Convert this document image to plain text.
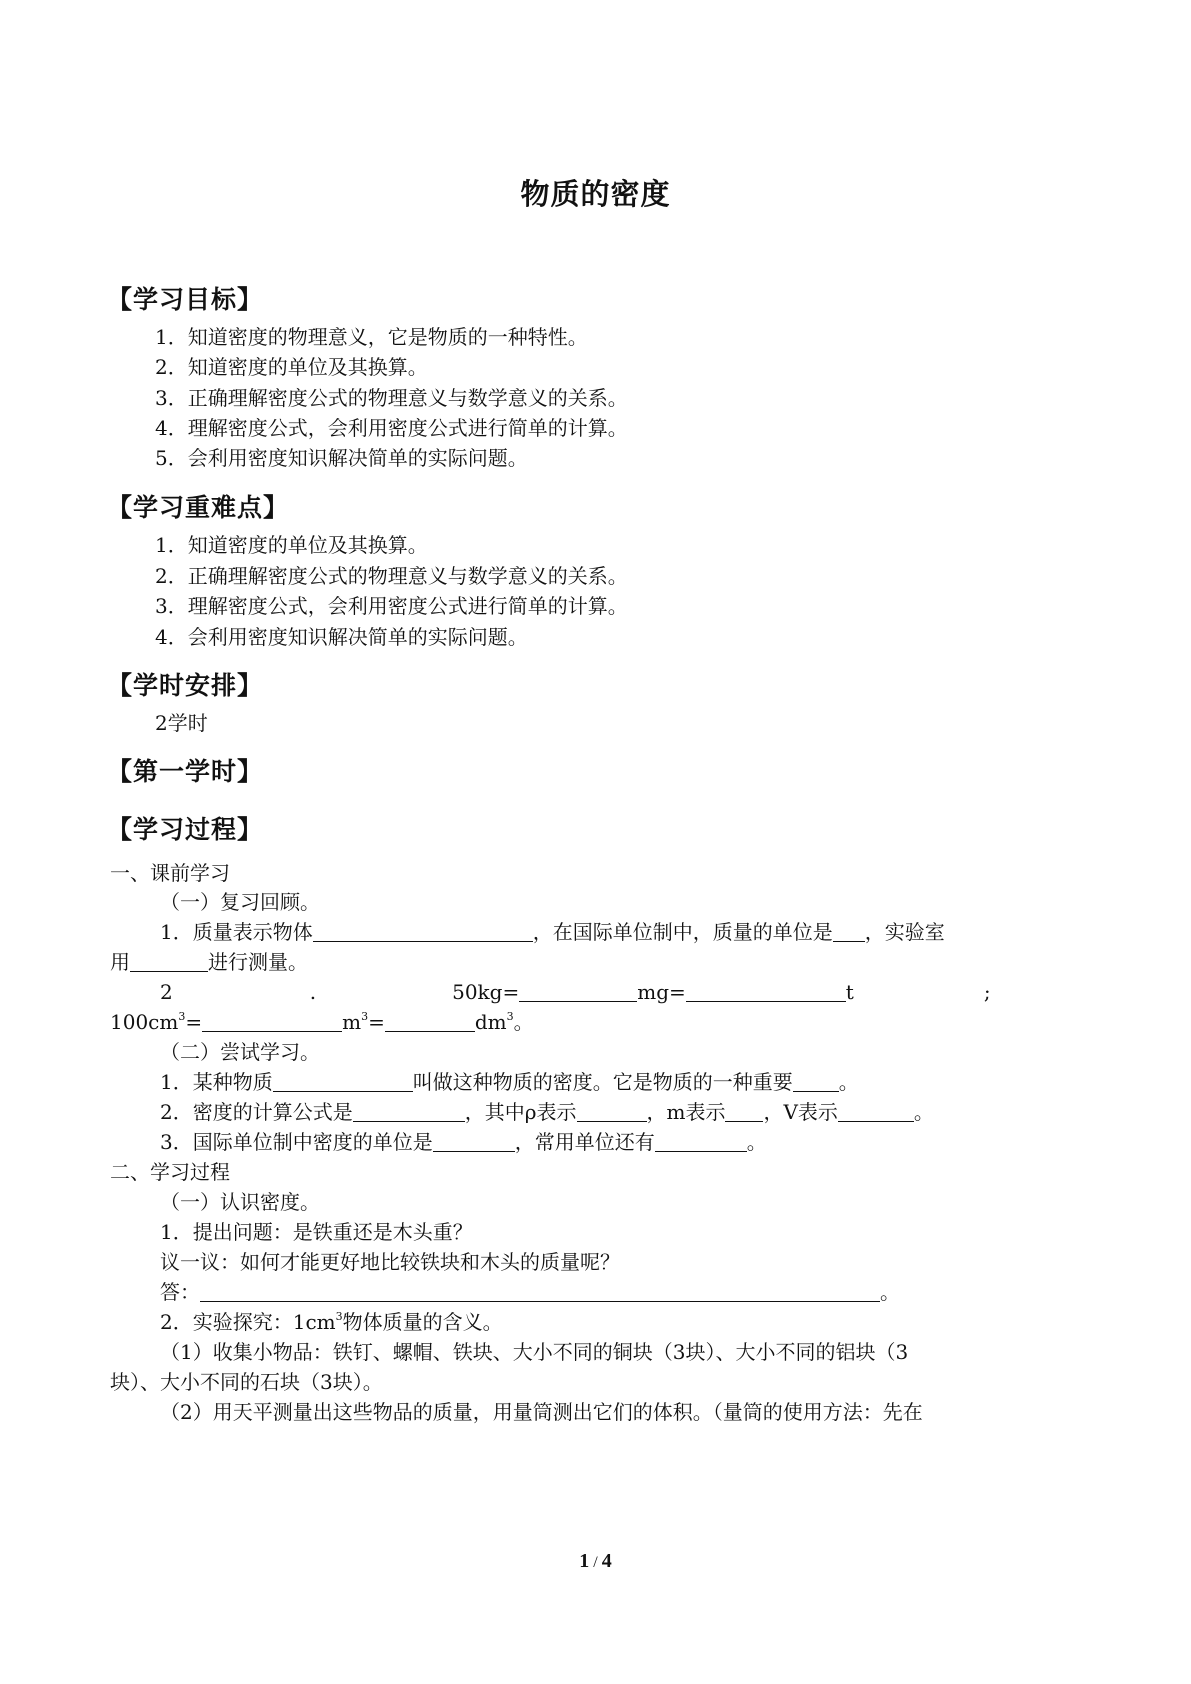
物质的密度
【学习目标】
1．知道密度的物理意义，它是物质的一种特性。
2．知道密度的单位及其换算。
3．正确理解密度公式的物理意义与数学意义的关系。
4．理解密度公式，会利用密度公式进行简单的计算。
5．会利用密度知识解决简单的实际问题。
【学习重难点】
1．知道密度的单位及其换算。
2．正确理解密度公式的物理意义与数学意义的关系。
3．理解密度公式，会利用密度公式进行简单的计算。
4．会利用密度知识解决简单的实际问题。
【学时安排】
2学时
【第一学时】
【学习过程】
一、课前学习
（一）复习回顾。
1．质量表示物体	，在国际单位制中，质量的单位是 ，实验室
用	进行测量。
2	.	50kg=	mg=	t	;
$100cm^3=$	$m^3=$	$dm^3$。
（二）尝试学习。
1．某种物质	叫做这种物质的密度。它是物质的一种重要 。
2．密度的计算公式是	，其中ρ表示	，m表示 ，V表示	。
3．国际单位制中密度的单位是	，常用单位还有	。
二、学习过程
（一）认识密度。
1．提出问题：是铁重还是木头重？
议一议：如何才能更好地比较铁块和木头的质量呢？
答：	。
2．实验探究：$1cm^3$物体质量的含义。
（1）收集小物品：铁钉、螺帽、铁块、大小不同的铜块（3块）、大小不同的铝块（3
块）、大小不同的石块（3块）。
（2）用天平测量出这些物品的质量，用量筒测出它们的体积。（量筒的使用方法：先在
1 / 4
